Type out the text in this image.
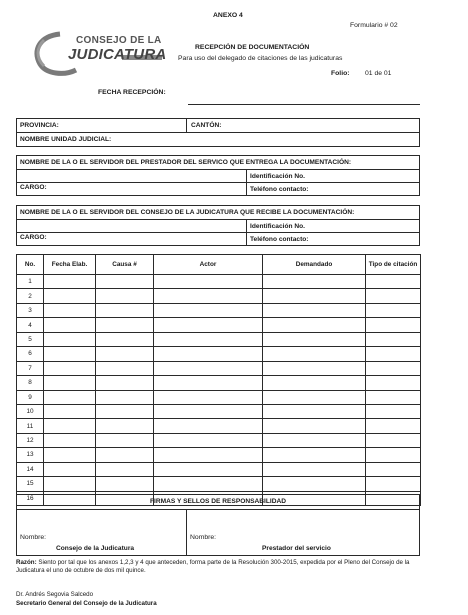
ANEXO 4
Formulario # 02
CONSEJO DE LA
JUDICATURA	RECEPCIÓN DE DOCUMENTACIÓN
Para uso del delegado de citaciones de las judicaturas
Folio: 01 de 01
FECHA RECEPCIÓN:
PROVINCIA:	CANTÓN:
NOMBRE UNIDAD JUDICIAL:
NOMBRE DE LA O EL SERVIDOR DEL PRESTADOR DEL SERVICO QUE ENTREGA LA DOCUMENTACIÓN:
Identificación No.
CARGO:	Teléfono contacto:
NOMBRE DE LA O EL SERVIDOR DEL CONSEJO DE LA JUDICATURA QUE RECIBE LA DOCUMENTACIÓN:
Identificación No.
CARGO:	Teléfono contacto:
No.	Fecha Elab.	Causa #	Actor	Demandado	Tipo de citación
1					
2					
3					
4					
5					
6					
7					
8					
9					
10					
11					
12					
13					
14					
15					
16						FIRMAS Y SELLOS DE RESPONSABILIDAD
Nombre:	Nombre:
Consejo de la Judicatura	Prestador del servicio
Razón: Siento por tal que los anexos 1,2,3 y 4 que anteceden, forma parte de la Resolución 300-2015, expedida por el Pleno del Consejo de la Judicatura el uno de octubre de dos mil quince.
Dr. Andrés Segovia Salcedo
Secretario General del Consejo de la Judicatura
